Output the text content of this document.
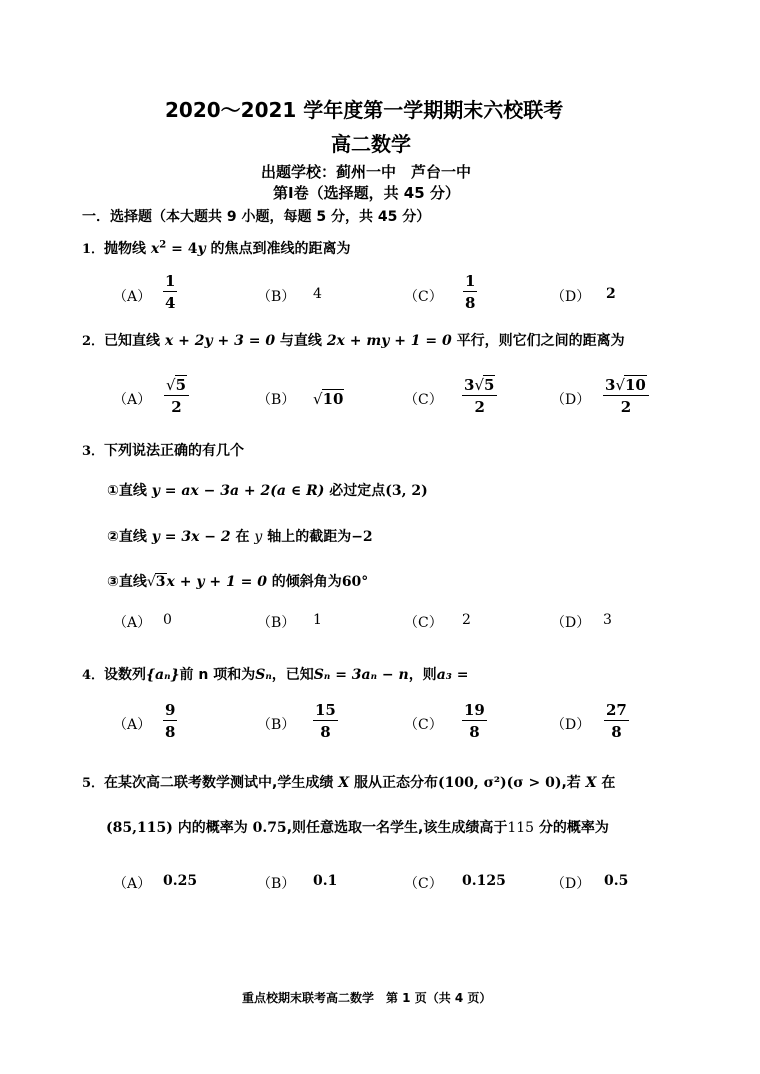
2020～2021 学年度第一学期期末六校联考
高二数学
出题学校：蓟州一中　芦台一中
第Ⅰ卷（选择题，共 45 分）
一．选择题（本大题共 9 小题，每题 5 分，共 45 分）
1．抛物线 $x^2 = 4y$ 的焦点到准线的距离为
$(A) \frac{1}{4}$	（B） 4	$(C) \frac{1}{8}$	（D） 2
2．已知直线 x + 2y + 3 = 0 与直线 2x + my + 1 = 0 平行，则它们之间的距离为
$(A) \frac{√5}{2}$	（B） √10	$(C) \frac{3√5}{2}$	$(D) \frac{3√10}{2}$
3．下列说法正确的有几个
①直线 y = ax − 3a + 2(a ∈ R) 必过定点(3, 2)
②直线 y = 3x − 2 在 y 轴上的截距为−2
③直线√3x + y + 1 = 0 的倾斜角为60°
（A） 0	（B） 1	（C） 2	（D） 3
4．设数列{aₙ}前 n 项和为Sₙ，已知Sₙ = 3aₙ − n，则a₃ =
$(A) \frac{9}{8}$	$(B) \frac{15}{8}$	$(C) \frac{19}{8}$	$(D) \frac{27}{8}$
5．在某次高二联考数学测试中,学生成绩 X 服从正态分布(100, σ²)(σ > 0),若 X 在
(85,115) 内的概率为 0.75,则任意选取一名学生,该生成绩高于115 分的概率为
（A） 0.25	（B） 0.1	（C） 0.125	（D） 0.5
重点校期末联考高二数学　第 1 页（共 4 页）
